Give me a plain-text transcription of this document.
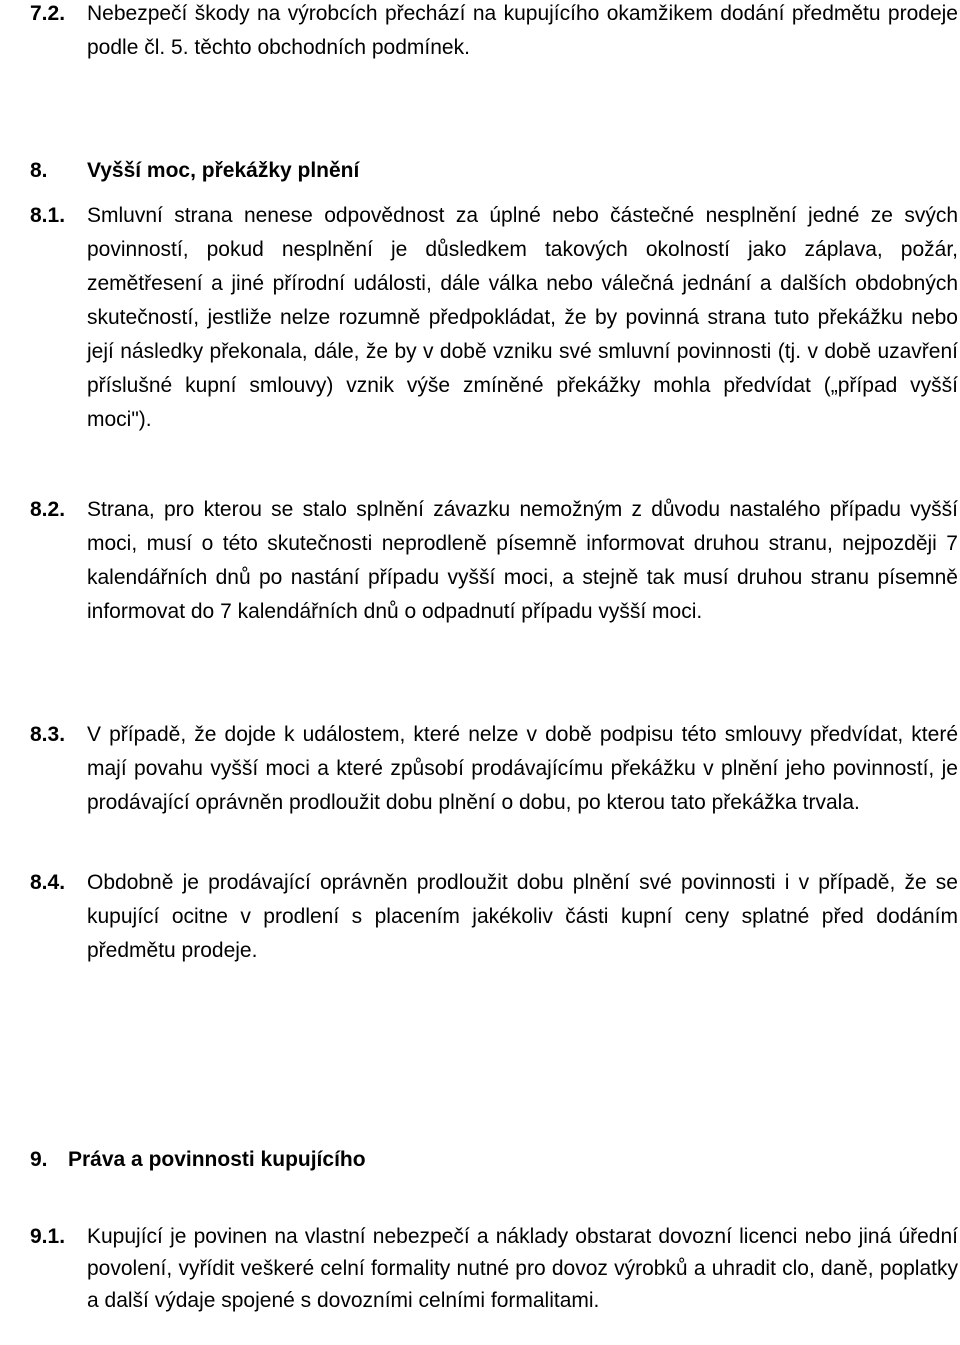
7.2. Nebezpečí škody na výrobcích přechází na kupujícího okamžikem dodání předmětu prodeje podle čl. 5. těchto obchodních podmínek.
8. Vyšší moc, překážky plnění
8.1. Smluvní strana nenese odpovědnost za úplné nebo částečné nesplnění jedné ze svých povinností, pokud nesplnění je důsledkem takových okolností jako záplava, požár, zemětřesení a jiné přírodní události, dále válka nebo válečná jednání a dalších obdobných skutečností, jestliže nelze rozumně předpokládat, že by povinná strana tuto překážku nebo její následky překonala, dále, že by v době vzniku své smluvní povinnosti (tj. v době uzavření příslušné kupní smlouvy) vznik výše zmíněné překážky mohla předvídat („případ vyšší moci").
8.2. Strana, pro kterou se stalo splnění závazku nemožným z důvodu nastalého případu vyšší moci, musí o této skutečnosti neprodleně písemně informovat druhou stranu, nejpozději 7 kalendářních dnů po nastání případu vyšší moci, a stejně tak musí druhou stranu písemně informovat do 7 kalendářních dnů o odpadnutí případu vyšší moci.
8.3. V případě, že dojde k událostem, které nelze v době podpisu této smlouvy předvídat, které mají povahu vyšší moci a které způsobí prodávajícímu překážku v plnění jeho povinností, je prodávající oprávněn prodloužit dobu plnění o dobu, po kterou tato překážka trvala.
8.4. Obdobně je prodávající oprávněn prodloužit dobu plnění své povinnosti i v případě, že se kupující ocitne v prodlení s placením jakékoliv části kupní ceny splatné před dodáním předmětu prodeje.
9. Práva a povinnosti kupujícího
9.1. Kupující je povinen na vlastní nebezpečí a náklady obstarat dovozní licenci nebo jiná úřední povolení, vyřídit veškeré celní formality nutné pro dovoz výrobků a uhradit clo, daně, poplatky a další výdaje spojené s dovozními celními formalitami.
